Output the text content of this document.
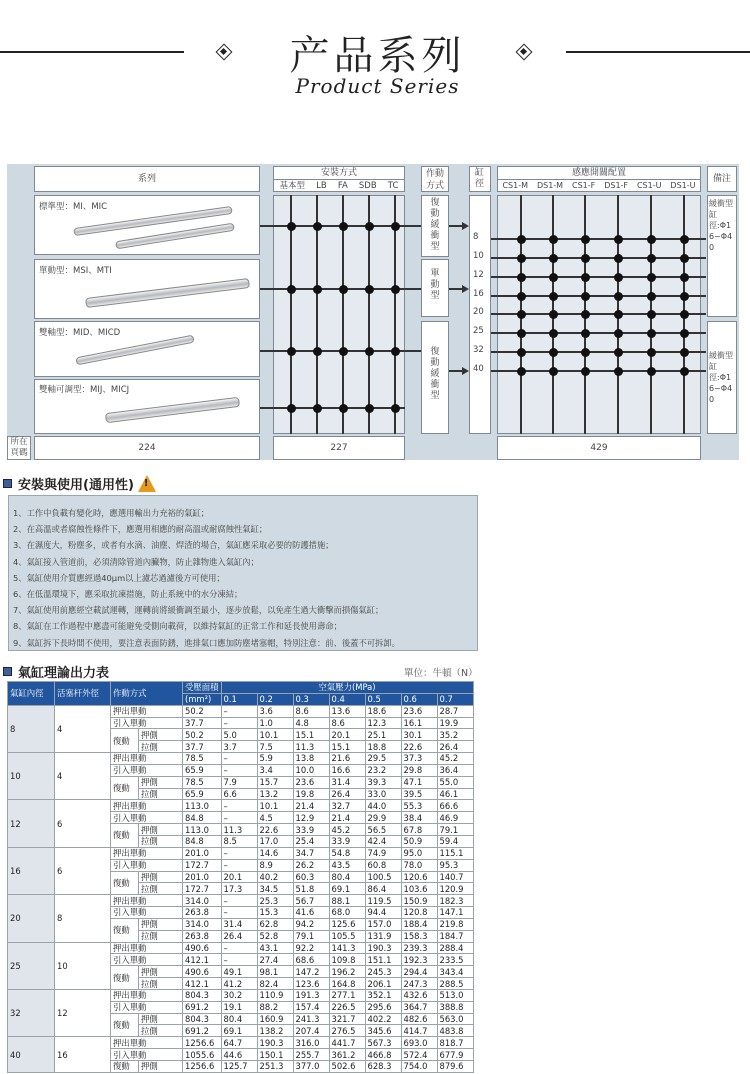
产品系列
Product Series
系列
標準型：MI、MIC
單動型：MSI、MTI
雙軸型：MID、MICD
雙軸可調型：MIJ、MICJ
安裝方式
基本型 LB FA SDB TC
作動方式
復動緩衝型
單動型
復動緩衝型
缸徑
感應開關配置
CS1-M DS1-M CS1-F DS1-F CS1-U DS1-U
備注
緩衝型缸徑:Φ16~Φ40
緩衝型缸徑:Φ16~Φ40
所在頁碼	224	227	429
8
10
12
16
20
25
32
40
安裝與使用(通用性) !
1、工作中負載有變化時，應選用輸出力充裕的氣缸；
2、在高溫或者腐蝕性條件下，應選用相應的耐高溫或耐腐蝕性氣缸；
3、在濕度大，粉塵多，或者有水滴、油塵、焊渣的場合，氣缸應采取必要的防護措施；
4、氣缸接入管道前，必須清除管道內臟物，防止雜物進入氣缸內；
5、氣缸使用介質應經過40μm以上濾芯過濾後方可使用；
6、在低溫環境下，應采取抗凍措施，防止系統中的水分凍結；
7、氣缸使用前應經空載試運轉，運轉前將緩衝調至最小，逐步放鬆，以免產生過大衝擊而損傷氣缸；
8、氣缸在工作過程中應盡可能避免受側向載荷，以維持氣缸的正常工作和延長使用壽命；
9、氣缸拆下長時間不使用，要注意表面防銹，進排氣口應加防塵堵塞帽，特別注意：前、後蓋不可拆卸。
氣缸理論出力表	單位：牛頓（N）
氣缸內徑	活塞杆外徑	作動方式		受壓面積	空氣壓力(MPa)						
				(mm²)	0.1	0.2	0.3	0.4	0.5	0.6	0.7
8	4	押出單動		50.2	–	3.6	8.6	13.6	18.6	23.6	28.7
		引入單動		37.7	–	1.0	4.8	8.6	12.3	16.1	19.9
		復動	押側	50.2	5.0	10.1	15.1	20.1	25.1	30.1	35.2
			拉側	37.7	3.7	7.5	11.3	15.1	18.8	22.6	26.4
10	4	押出單動		78.5	–	5.9	13.8	21.6	29.5	37.3	45.2
		引入單動		65.9	–	3.4	10.0	16.6	23.2	29.8	36.4
		復動	押側	78.5	7.9	15.7	23.6	31.4	39.3	47.1	55.0
			拉側	65.9	6.6	13.2	19.8	26.4	33.0	39.5	46.1
12	6	押出單動		113.0	–	10.1	21.4	32.7	44.0	55.3	66.6
		引入單動		84.8	–	4.5	12.9	21.4	29.9	38.4	46.9
		復動	押側	113.0	11.3	22.6	33.9	45.2	56.5	67.8	79.1
			拉側	84.8	8.5	17.0	25.4	33.9	42.4	50.9	59.4
16	6	押出單動		201.0	–	14.6	34.7	54.8	74.9	95.0	115.1
		引入單動		172.7	–	8.9	26.2	43.5	60.8	78.0	95.3
		復動	押側	201.0	20.1	40.2	60.3	80.4	100.5	120.6	140.7
			拉側	172.7	17.3	34.5	51.8	69.1	86.4	103.6	120.9
20	8	押出單動		314.0	–	25.3	56.7	88.1	119.5	150.9	182.3
		引入單動		263.8	–	15.3	41.6	68.0	94.4	120.8	147.1
		復動	押側	314.0	31.4	62.8	94.2	125.6	157.0	188.4	219.8
			拉側	263.8	26.4	52.8	79.1	105.5	131.9	158.3	184.7
25	10	押出單動		490.6	–	43.1	92.2	141.3	190.3	239.3	288.4
		引入單動		412.1	–	27.4	68.6	109.8	151.1	192.3	233.5
		復動	押側	490.6	49.1	98.1	147.2	196.2	245.3	294.4	343.4
			拉側	412.1	41.2	82.4	123.6	164.8	206.1	247.3	288.5
32	12	押出單動		804.3	30.2	110.9	191.3	277.1	352.1	432.6	513.0
		引入單動		691.2	19.1	88.2	157.4	226.5	295.6	364.7	388.8
		復動	押側	804.3	80.4	160.9	241.3	321.7	402.2	482.6	563.0
			拉側	691.2	69.1	138.2	207.4	276.5	345.6	414.7	483.8
40	16	押出單動		1256.6	64.7	190.3	316.0	441.7	567.3	693.0	818.7
		引入單動		1055.6	44.6	150.1	255.7	361.2	466.8	572.4	677.9
		復動	押側	1256.6	125.7	251.3	377.0	502.6	628.3	754.0	879.6
